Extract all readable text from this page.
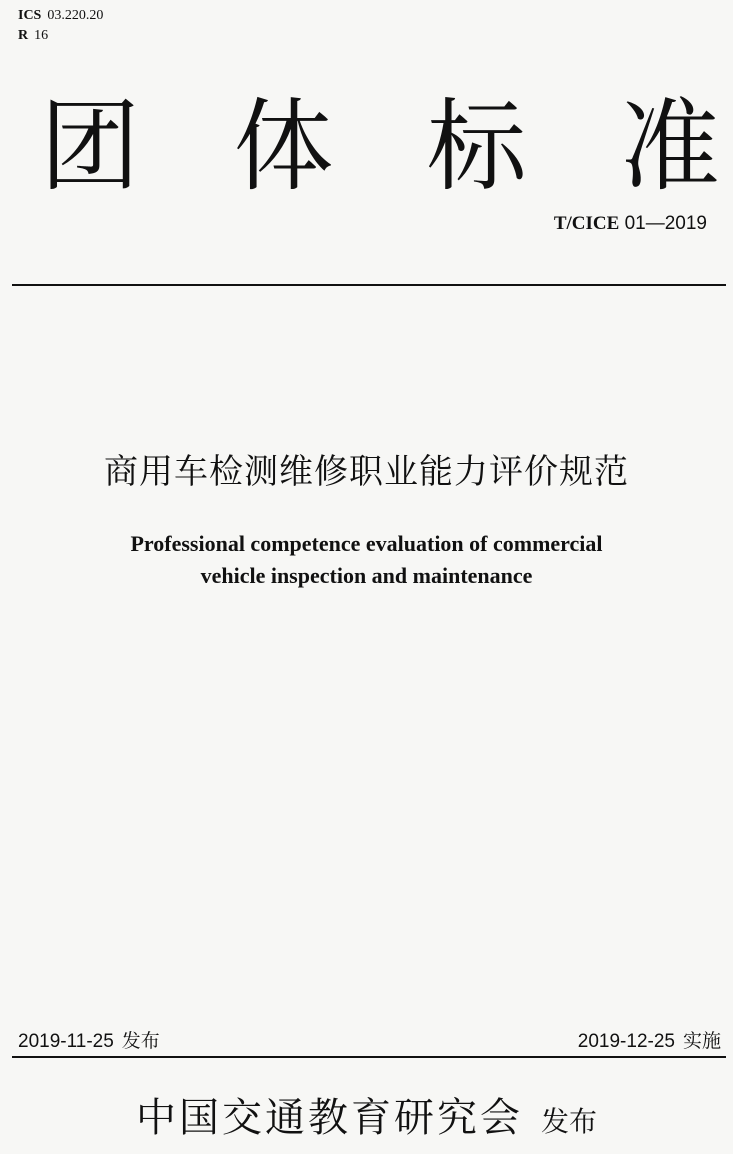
ICS 03.220.20
R 16
团 体 标 准
T/CICE 01—2019
商用车检测维修职业能力评价规范
Professional competence evaluation of commercial
vehicle inspection and maintenance
2019-11-25 发布	2019-12-25 实施
中国交通教育研究会 发布
